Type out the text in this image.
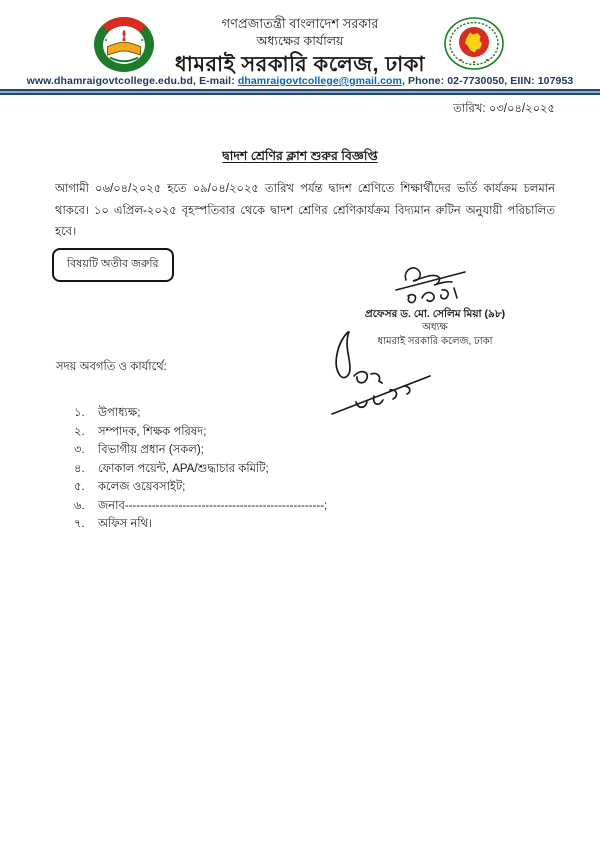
গণপ্রজাতন্ত্রী বাংলাদেশ সরকার
অধ্যক্ষের কার্যালয়
ধামরাই সরকারি কলেজ, ঢাকা
www.dhamraigovtcollege.edu.bd, E-mail: dhamraigovtcollege@gmail.com, Phone: 02-7730050, EIIN: 107953
তারিখ: ০৩/০৪/২০২৫
দ্বাদশ শ্রেণির ক্লাশ শুরুর বিজ্ঞপ্তি
আগামী ০৬/০৪/২০২৫ হতে ০৯/০৪/২০২৫ তারিখ পর্যন্ত দ্বাদশ শ্রেণিতে শিক্ষার্থীদের ভর্তি কার্যক্রম চলমান থাকবে। ১০ এপ্রিল-২০২৫ বৃহস্পতিবার থেকে দ্বাদশ শ্রেণির শ্রেণিকার্যক্রম বিদ্যমান রুটিন অনুযায়ী পরিচালিত হবে।
বিষয়টি অতীব জরুরি
প্রফেসর ড. মো. সেলিম মিয়া (৯৮)
অধ্যক্ষ
ধামরাই সরকারি কলেজ, ঢাকা
সদয় অবগতি ও কার্যার্থে:
১.	উপাধ্যক্ষ;
২.	সম্পাদক, শিক্ষক পরিষদ;
৩.	বিভাগীয় প্রধান (সকল);
৪.	ফোকাল পয়েন্ট, APA/শুদ্ধাচার কমিটি;
৫.	কলেজ ওয়েবসাইট;
৬.	জনাব----------------------------------------------------;
৭.	অফিস নথি।
